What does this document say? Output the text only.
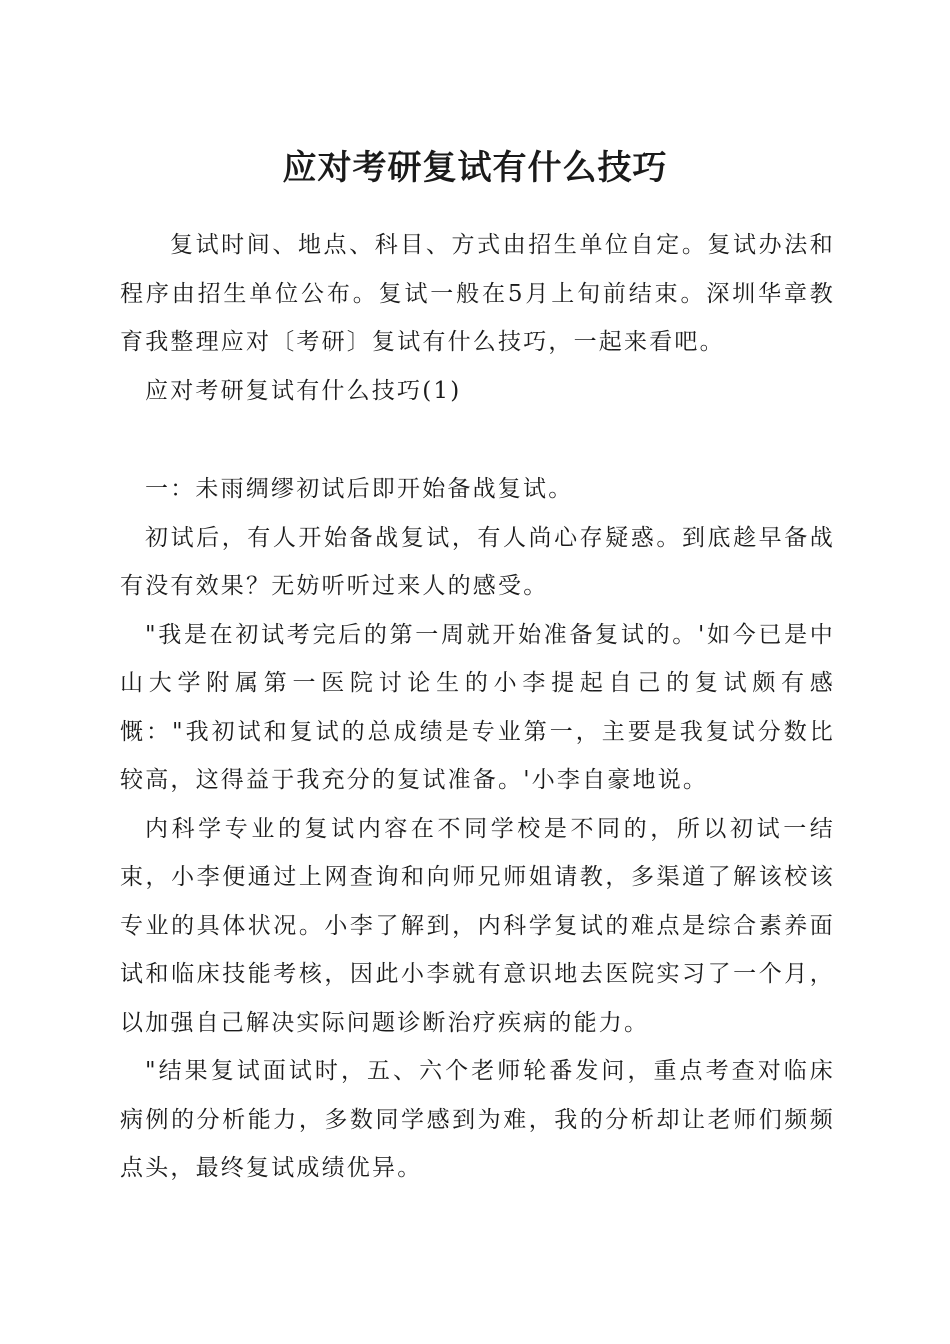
应对考研复试有什么技巧

复试时间、地点、科目、方式由招生单位自定。复试办法和程序由招生单位公布。复试一般在5月上旬前结束。深圳华章教育我整理应对〔考研〕复试有什么技巧，一起来看吧。

应对考研复试有什么技巧(1)

一：未雨绸缪初试后即开始备战复试。

初试后，有人开始备战复试，有人尚心存疑惑。到底趁早备战有没有效果？无妨听听过来人的感受。

"我是在初试考完后的第一周就开始准备复试的。'如今已是中山大学附属第一医院讨论生的小李提起自己的复试颇有感慨："我初试和复试的总成绩是专业第一，主要是我复试分数比较高，这得益于我充分的复试准备。'小李自豪地说。

内科学专业的复试内容在不同学校是不同的，所以初试一结束，小李便通过上网查询和向师兄师姐请教，多渠道了解该校该专业的具体状况。小李了解到，内科学复试的难点是综合素养面试和临床技能考核，因此小李就有意识地去医院实习了一个月，以加强自己解决实际问题诊断治疗疾病的能力。

"结果复试面试时，五、六个老师轮番发问，重点考查对临床病例的分析能力，多数同学感到为难，我的分析却让老师们频频点头，最终复试成绩优异。
